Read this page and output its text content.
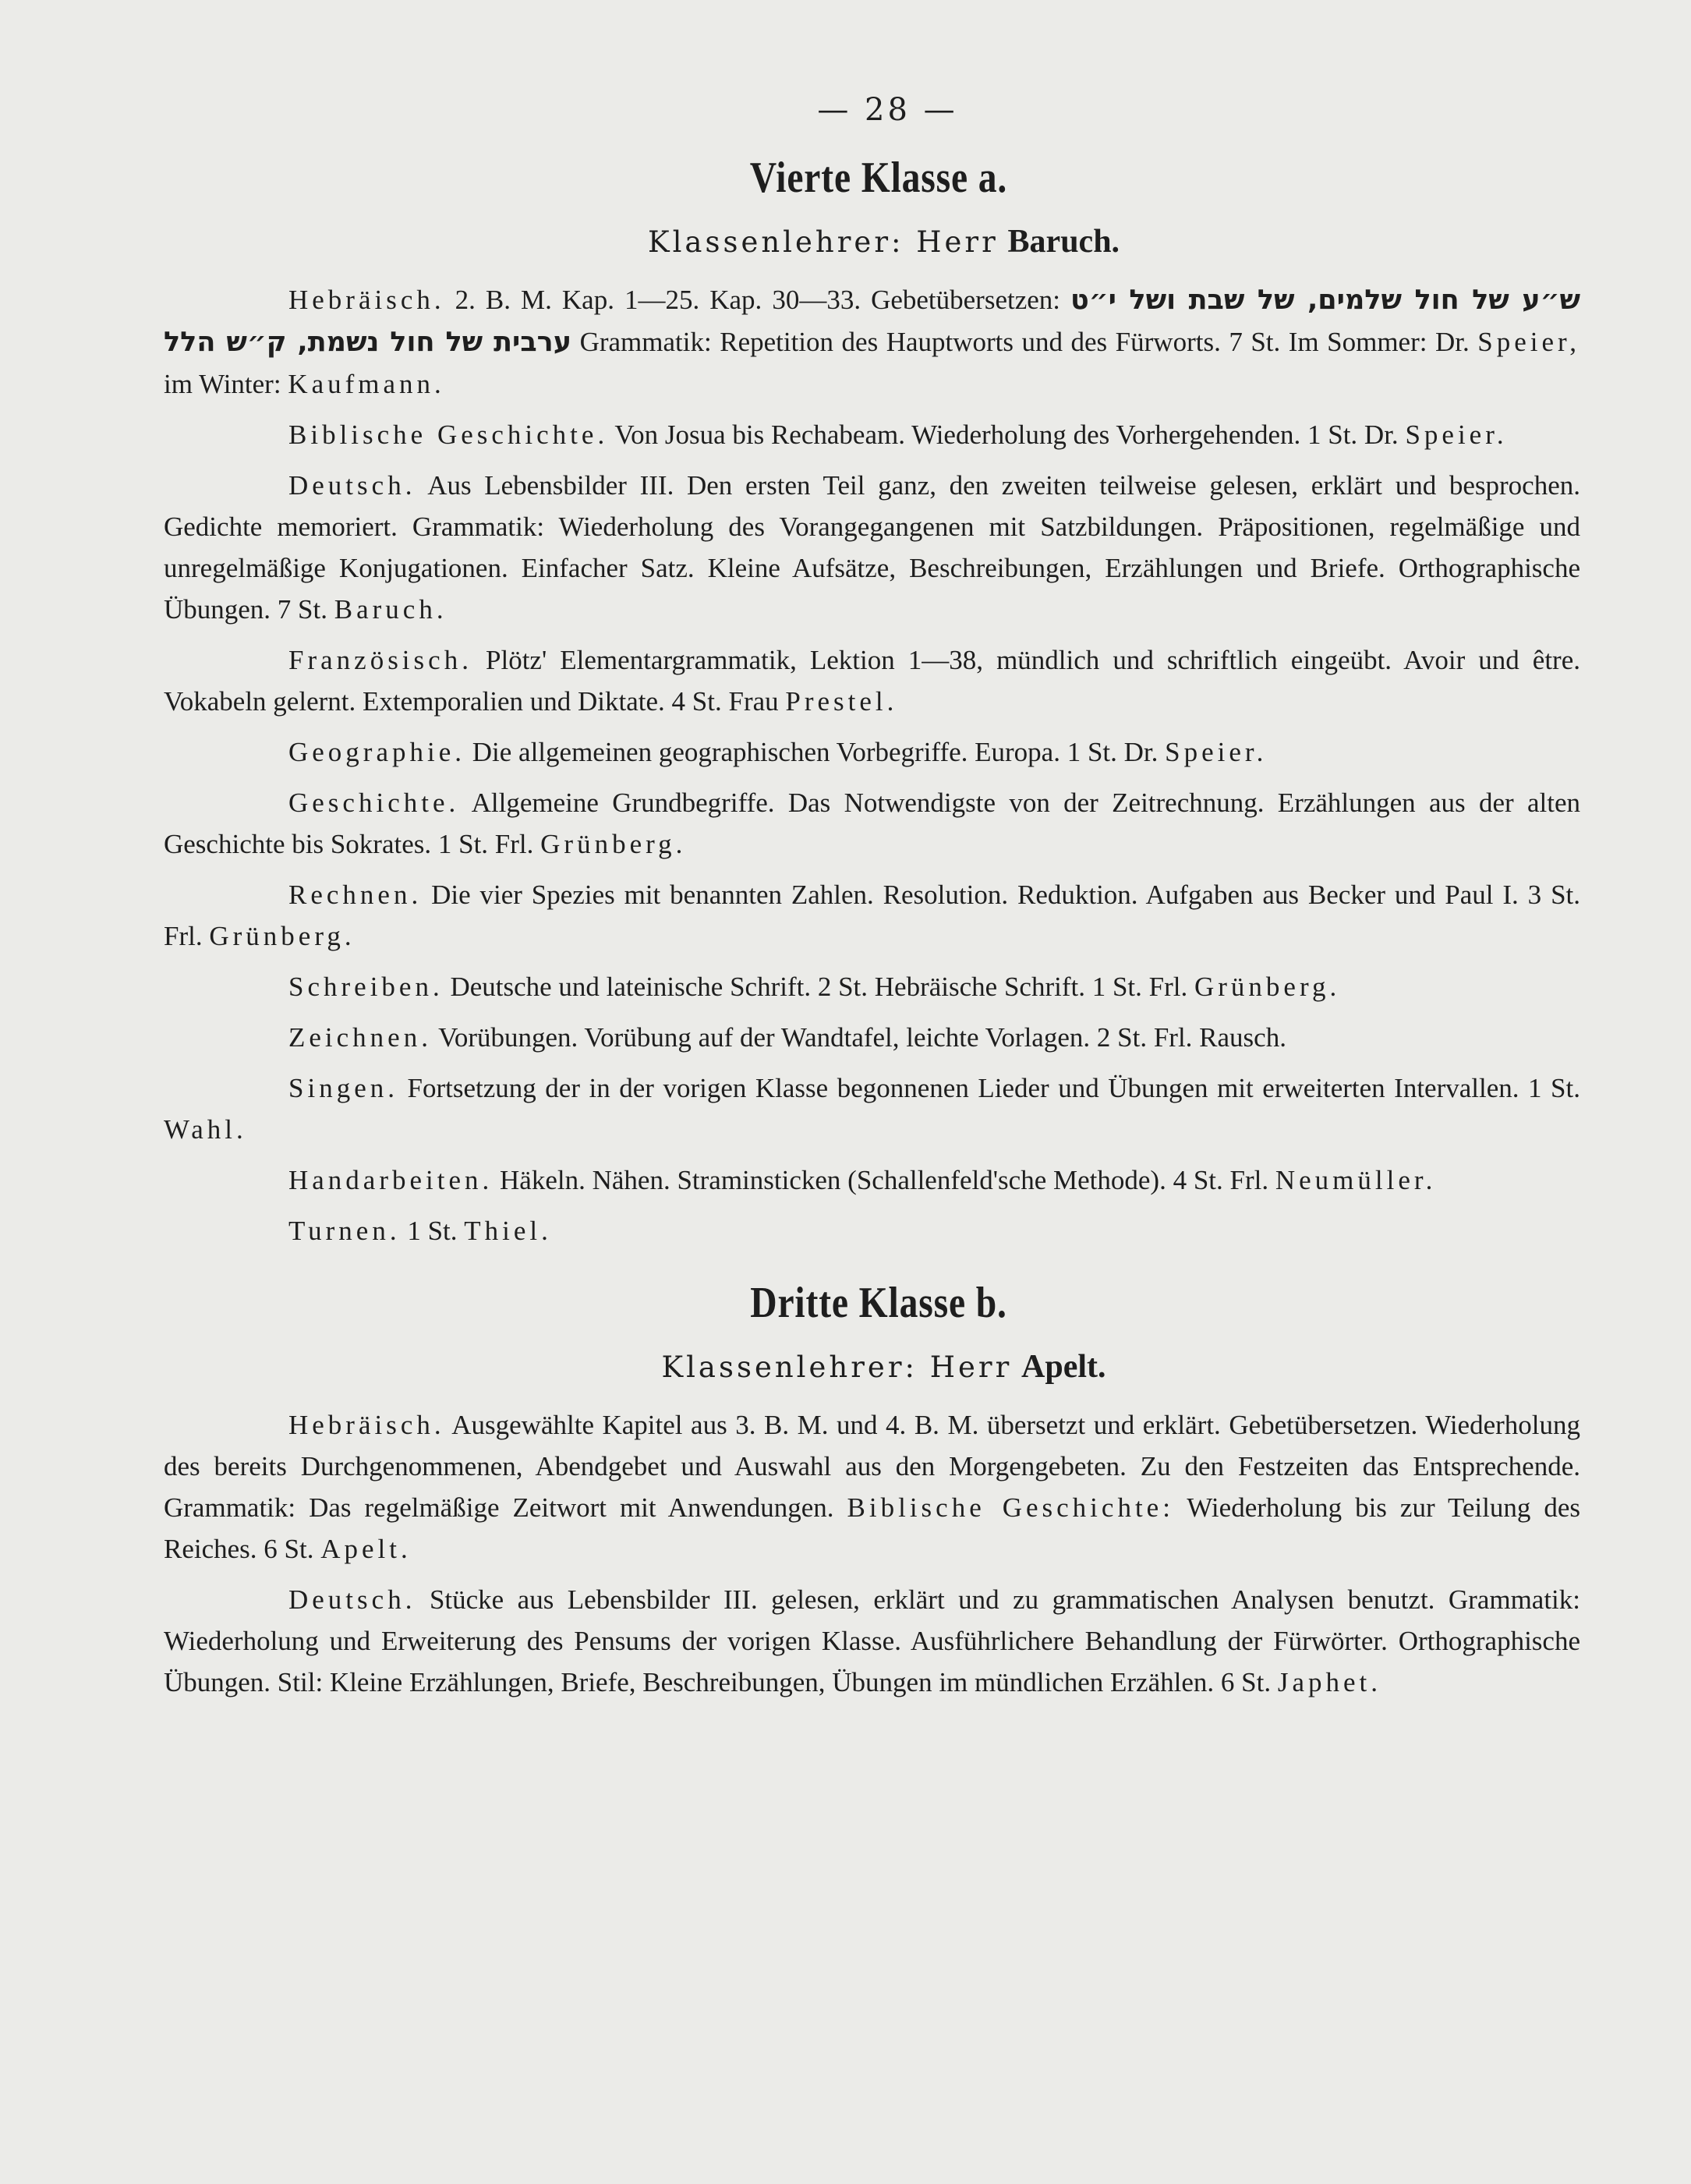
— 28 —
Vierte Klasse a.
Klassenlehrer: Herr Baruch.

Hebräisch. 2. B. M. Kap. 1—25. Kap. 30—33. Gebetübersetzen: ש״ע של חול שלמים, של שבת ושל י״ט ערבית של חול נשמת, ק״ש הלל Grammatik: Repetition des Hauptworts und des Fürworts. 7 St. Im Sommer: Dr. Speier, im Winter: Kaufmann.

Biblische Geschichte. Von Josua bis Rechabeam. Wiederholung des Vorhergehenden. 1 St. Dr. Speier.

Deutsch. Aus Lebensbilder III. Den ersten Teil ganz, den zweiten teilweise gelesen, erklärt und besprochen. Gedichte memoriert. Grammatik: Wiederholung des Vorangegangenen mit Satzbildungen. Präpositionen, regelmäßige und unregelmäßige Konjugationen. Einfacher Satz. Kleine Aufsätze, Beschreibungen, Erzählungen und Briefe. Orthographische Übungen. 7 St. Baruch.

Französisch. Plötz' Elementargrammatik, Lektion 1—38, mündlich und schriftlich eingeübt. Avoir und être. Vokabeln gelernt. Extemporalien und Diktate. 4 St. Frau Prestel.

Geographie. Die allgemeinen geographischen Vorbegriffe. Europa. 1 St. Dr. Speier.

Geschichte. Allgemeine Grundbegriffe. Das Notwendigste von der Zeitrechnung. Erzählungen aus der alten Geschichte bis Sokrates. 1 St. Frl. Grünberg.

Rechnen. Die vier Spezies mit benannten Zahlen. Resolution. Reduktion. Aufgaben aus Becker und Paul I. 3 St. Frl. Grünberg.

Schreiben. Deutsche und lateinische Schrift. 2 St. Hebräische Schrift. 1 St. Frl. Grünberg.

Zeichnen. Vorübungen. Vorübung auf der Wandtafel, leichte Vorlagen. 2 St. Frl. Rausch.

Singen. Fortsetzung der in der vorigen Klasse begonnenen Lieder und Übungen mit erweiterten Intervallen. 1 St. Wahl.

Handarbeiten. Häkeln. Nähen. Straminsticken (Schallenfeld'sche Methode). 4 St. Frl. Neumüller.

Turnen. 1 St. Thiel.

Dritte Klasse b.
Klassenlehrer: Herr Apelt.

Hebräisch. Ausgewählte Kapitel aus 3. B. M. und 4. B. M. übersetzt und erklärt. Gebetübersetzen. Wiederholung des bereits Durchgenommenen, Abendgebet und Auswahl aus den Morgengebeten. Zu den Festzeiten das Entsprechende. Grammatik: Das regelmäßige Zeitwort mit Anwendungen. Biblische Geschichte: Wiederholung bis zur Teilung des Reiches. 6 St. Apelt.

Deutsch. Stücke aus Lebensbilder III. gelesen, erklärt und zu grammatischen Analysen benutzt. Grammatik: Wiederholung und Erweiterung des Pensums der vorigen Klasse. Ausführlichere Behandlung der Fürwörter. Orthographische Übungen. Stil: Kleine Erzählungen, Briefe, Beschreibungen, Übungen im mündlichen Erzählen. 6 St. Japhet.
